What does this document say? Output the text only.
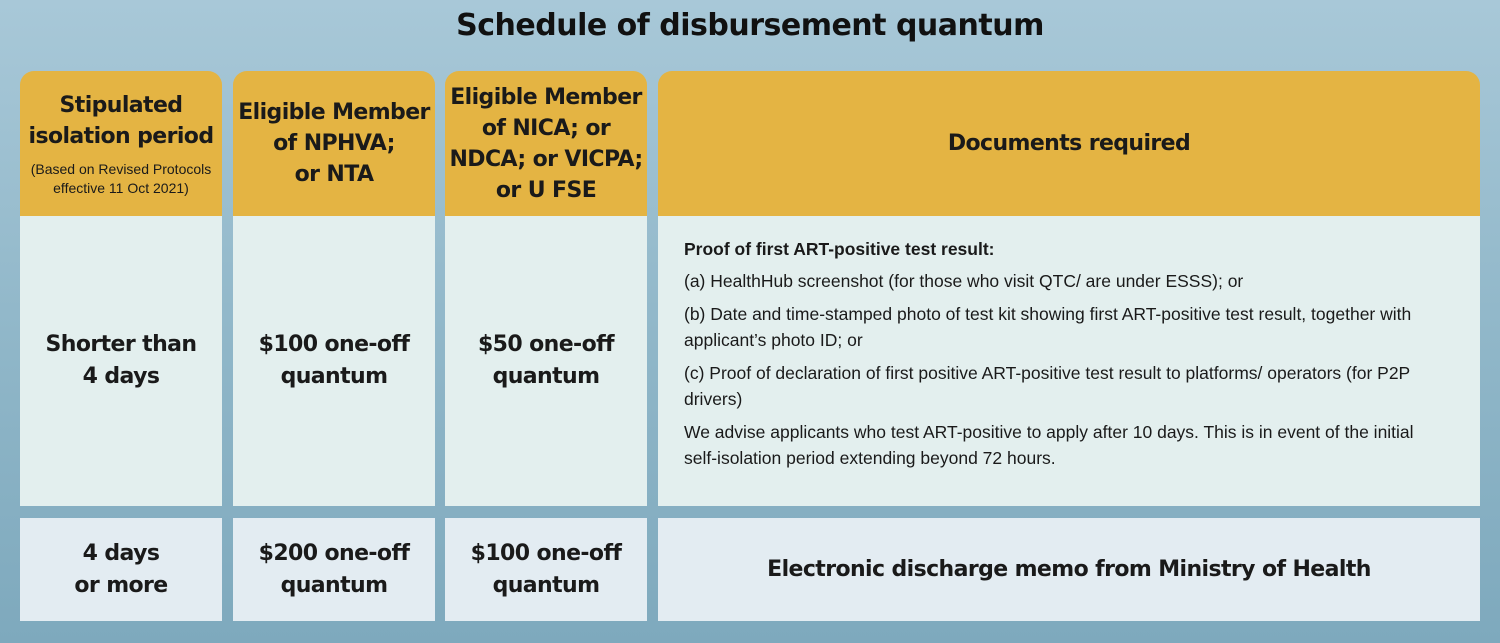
Schedule of disbursement quantum
Stipulated
isolation period
(Based on Revised Protocols
effective 11 Oct 2021)
Eligible Member
of NPHVA;
or NTA
Eligible Member
of NICA; or
NDCA; or VICPA;
or U FSE
Documents required
Shorter than
4 days
$100 one-off
quantum
$50 one-off
quantum

Proof of first ART-positive test result:

(a) HealthHub screenshot (for those who visit QTC/ are under ESSS); or

(b) Date and time-stamped photo of test kit showing first ART-positive test result, together with applicant’s photo ID; or

(c) Proof of declaration of first positive ART-positive test result to platforms/ operators (for P2P drivers)

We advise applicants who test ART-positive to apply after 10 days. This is in event of the initial self-isolation period extending beyond 72 hours.

4 days
or more
$200 one-off
quantum
$100 one-off
quantum
Electronic discharge memo from Ministry of Health
